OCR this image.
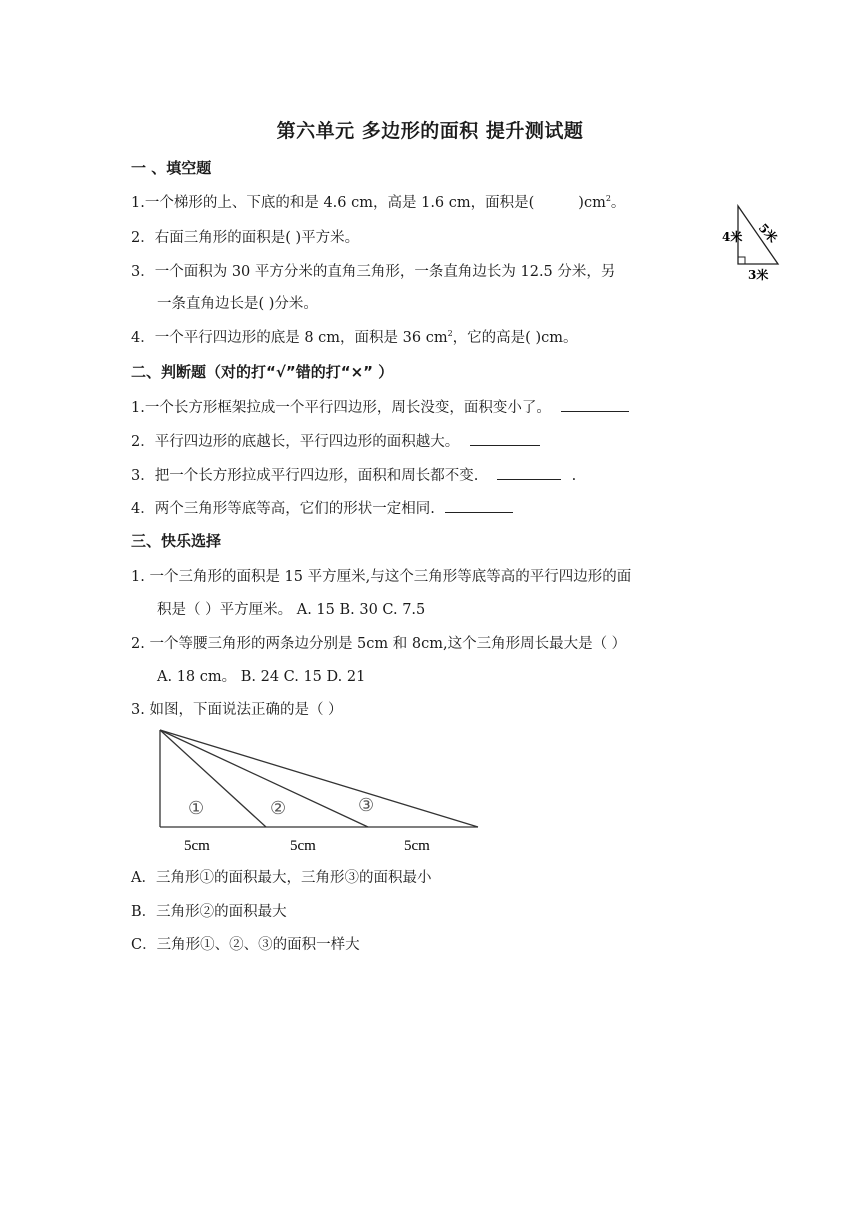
第六单元 多边形的面积 提升测试题
一 、填空题
1.一个梯形的上、下底的和是 4.6 cm，高是 1.6 cm，面积是(	)$cm^2$。
2．右面三角形的面积是( )平方米。
3．一个面积为 30 平方分米的直角三角形，一条直角边长为 12.5 分米，另
一条直角边长是( )分米。
4．一个平行四边形的底是 8 cm，面积是 36 $cm^2$，它的高是( )cm。
4米 5米
3米
二、判断题（对的打“√”错的打“×” ）
1.一个长方形框架拉成一个平行四边形，周长没变，面积变小了。
2．平行四边形的底越长，平行四边形的面积越大。
3．把一个长方形拉成平行四边形，面积和周长都不变.	.
4．两个三角形等底等高，它们的形状一定相同.
三、快乐选择
1. 一个三角形的面积是 15 平方厘米,与这个三角形等底等高的平行四边形的面
积是（ ）平方厘米。 A. 15 B. 30 C. 7.5
2. 一个等腰三角形的两条边分别是 5cm 和 8cm,这个三角形周长最大是（ ）
A. 18 cm。 B. 24 C. 15 D. 21
3. 如图，下面说法正确的是（ ）
①	②	③
5cm	5cm	5cm
A．三角形①的面积最大，三角形③的面积最小
B．三角形②的面积最大
C．三角形①、②、③的面积一样大
